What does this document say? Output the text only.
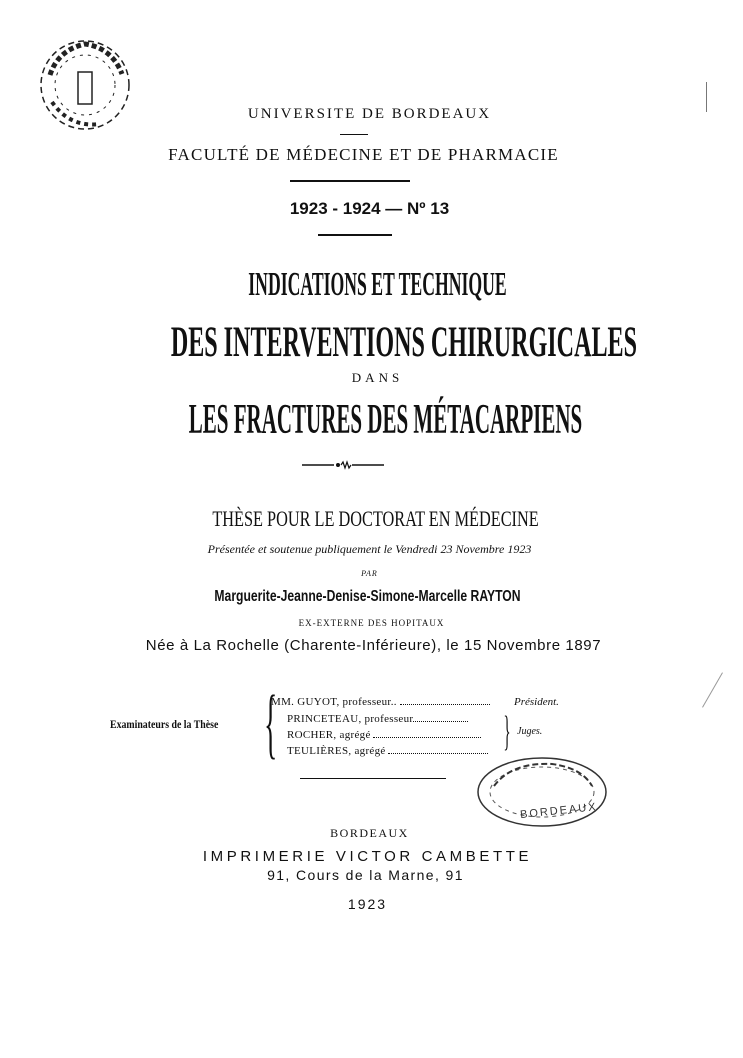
UNIVERSITE DE BORDEAUX
FACULTÉ DE MÉDECINE ET DE PHARMACIE
1923 - 1924 — Nº 13
INDICATIONS ET TECHNIQUE
DES INTERVENTIONS CHIRURGICALES
DANS
LES FRACTURES DES MÉTACARPIENS
THÈSE POUR LE DOCTORAT EN MÉDECINE
Présentée et soutenue publiquement le Vendredi 23 Novembre 1923
PAR
Marguerite-Jeanne-Denise-Simone-Marcelle RAYTON
EX-EXTERNE DES HOPITAUX
Née à La Rochelle (Charente-Inférieure), le 15 Novembre 1897
Examinateurs de la Thèse {
MM. GUYOT, professeur..	Président.
PRINCETEAU, professeur
ROCHER, agrégé
TEULIÈRES, agrégé	} Juges.
BORDEAUX
BORDEAUX
IMPRIMERIE VICTOR CAMBETTE
91, Cours de la Marne, 91
1923
